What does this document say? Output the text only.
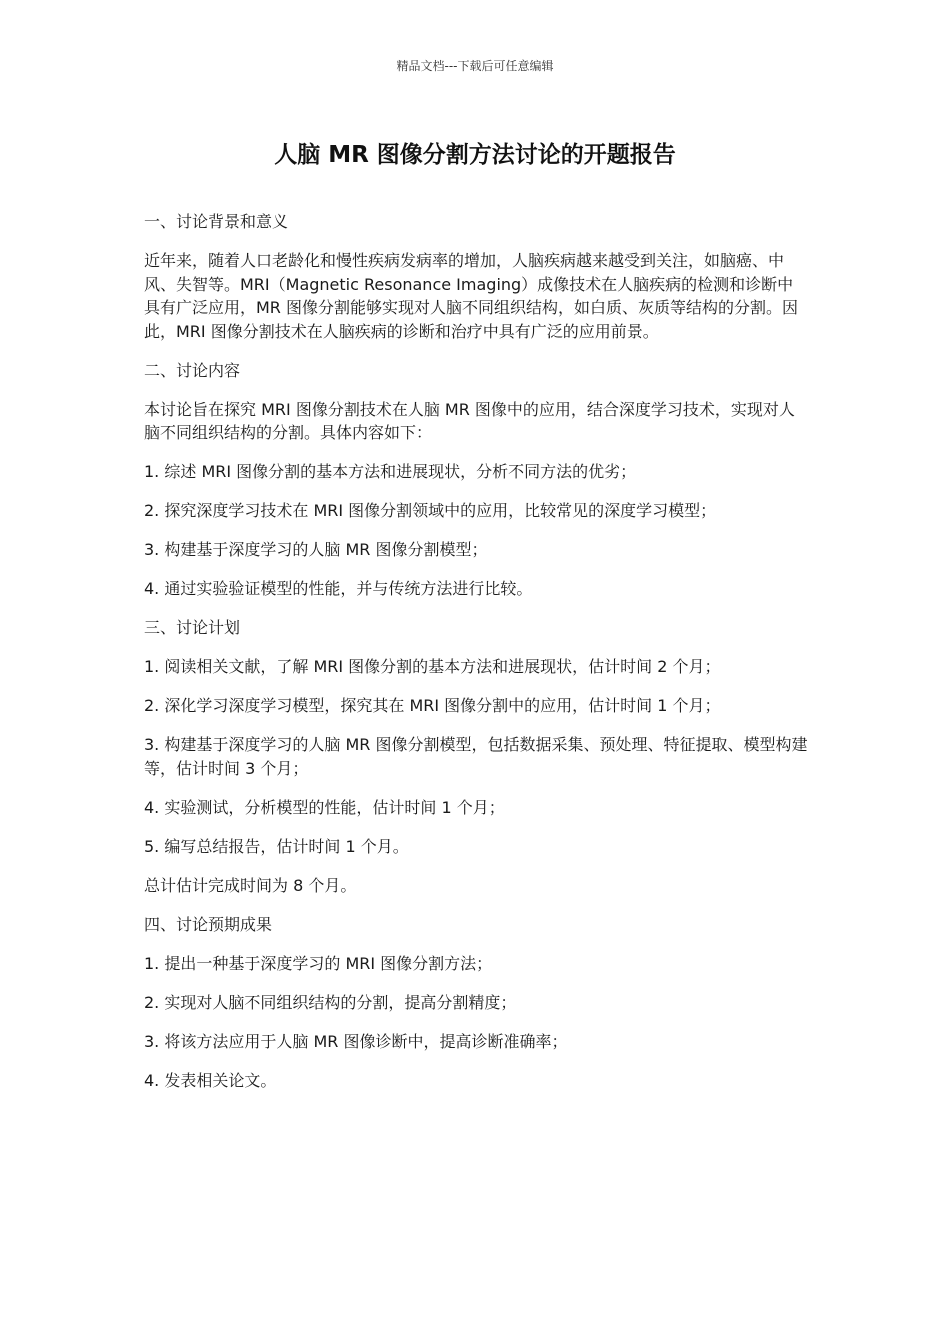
精品文档---下载后可任意编辑
人脑 MR 图像分割方法讨论的开题报告

一、讨论背景和意义

近年来，随着人口老龄化和慢性疾病发病率的增加，人脑疾病越来越受到关注，如脑癌、中风、失智等。MRI（Magnetic Resonance Imaging）成像技术在人脑疾病的检测和诊断中具有广泛应用，MR 图像分割能够实现对人脑不同组织结构，如白质、灰质等结构的分割。因此，MRI 图像分割技术在人脑疾病的诊断和治疗中具有广泛的应用前景。

二、讨论内容

本讨论旨在探究 MRI 图像分割技术在人脑 MR 图像中的应用，结合深度学习技术，实现对人脑不同组织结构的分割。具体内容如下：

1. 综述 MRI 图像分割的基本方法和进展现状，分析不同方法的优劣；

2. 探究深度学习技术在 MRI 图像分割领域中的应用，比较常见的深度学习模型；

3. 构建基于深度学习的人脑 MR 图像分割模型；

4. 通过实验验证模型的性能，并与传统方法进行比较。

三、讨论计划

1. 阅读相关文献，了解 MRI 图像分割的基本方法和进展现状，估计时间 2 个月；

2. 深化学习深度学习模型，探究其在 MRI 图像分割中的应用，估计时间 1 个月；

3. 构建基于深度学习的人脑 MR 图像分割模型，包括数据采集、预处理、特征提取、模型构建等，估计时间 3 个月；

4. 实验测试，分析模型的性能，估计时间 1 个月；

5. 编写总结报告，估计时间 1 个月。

总计估计完成时间为 8 个月。

四、讨论预期成果

1. 提出一种基于深度学习的 MRI 图像分割方法；

2. 实现对人脑不同组织结构的分割，提高分割精度；

3. 将该方法应用于人脑 MR 图像诊断中，提高诊断准确率；

4. 发表相关论文。
